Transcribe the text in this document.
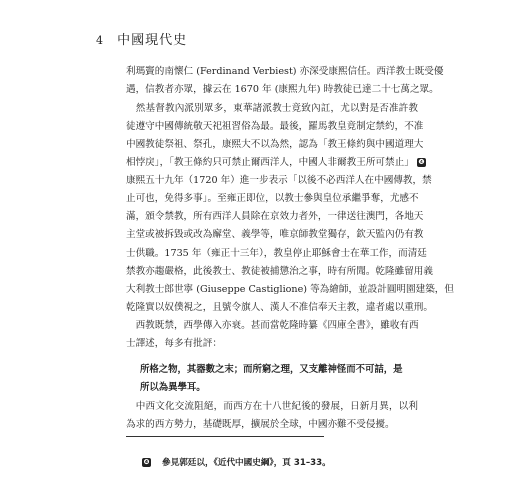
4 中國現代史
利瑪竇的南懷仁 (Ferdinand Verbiest) 亦深受康熙信任。西洋教士既受優
遇，信教者亦眾，據云在 1670 年 (康熙九年) 時教徒已達二十七萬之眾。
　然基督教內派別眾多，東華諸派教士竟致內訌，尤以對是否准許教
徒遵守中國傳統敬天祀祖習俗為最。最後，羅馬教皇竟制定禁約，不准
中國教徒祭祖、祭孔，康熙大不以為然，認為「教王條約與中國道理大
相悖戾」，「教王條約只可禁止爾西洋人，中國人非爾教王所可禁止」 ❹
康熙五十九年（1720 年）進一步表示「以後不必西洋人在中國傳教，禁
止可也，免得多事」。至雍正即位，以教士參與皇位承繼爭奪，尤感不
滿，頒令禁教，所有西洋人員除在京效力者外，一律送往澳門，各地天
主堂或被拆毀或改為廨堂、義學等，唯京師教堂獨存，欽天監內仍有教
士供職。1735 年（雍正十三年），教皇停止耶穌會士在華工作，而清廷
禁教亦趨嚴格，此後教士、教徒被捕懲治之事，時有所聞。乾隆雖留用義
大利教士郎世寧 (Giuseppe Castiglione) 等為繪師，並設計圓明園建築，但
乾隆實以奴僕視之，且號令旗人、漢人不准信奉天主教，違者處以重刑。
　西教既禁，西學傳入亦衰。甚而當乾隆時纂《四庫全書》，雖收有西
士譯述，每多有批評：
所格之物，其器數之末；而所窮之理，又支離神怪而不可詰，是
所以為異學耳。
　中西文化交流阻絕，而西方在十八世紀後的發展，日新月異，以利
為求的西方勢力，基礎既厚，擴展於全球，中國亦難不受侵擾。
❹ 參見郭廷以，《近代中國史綱》，頁 31–33。
